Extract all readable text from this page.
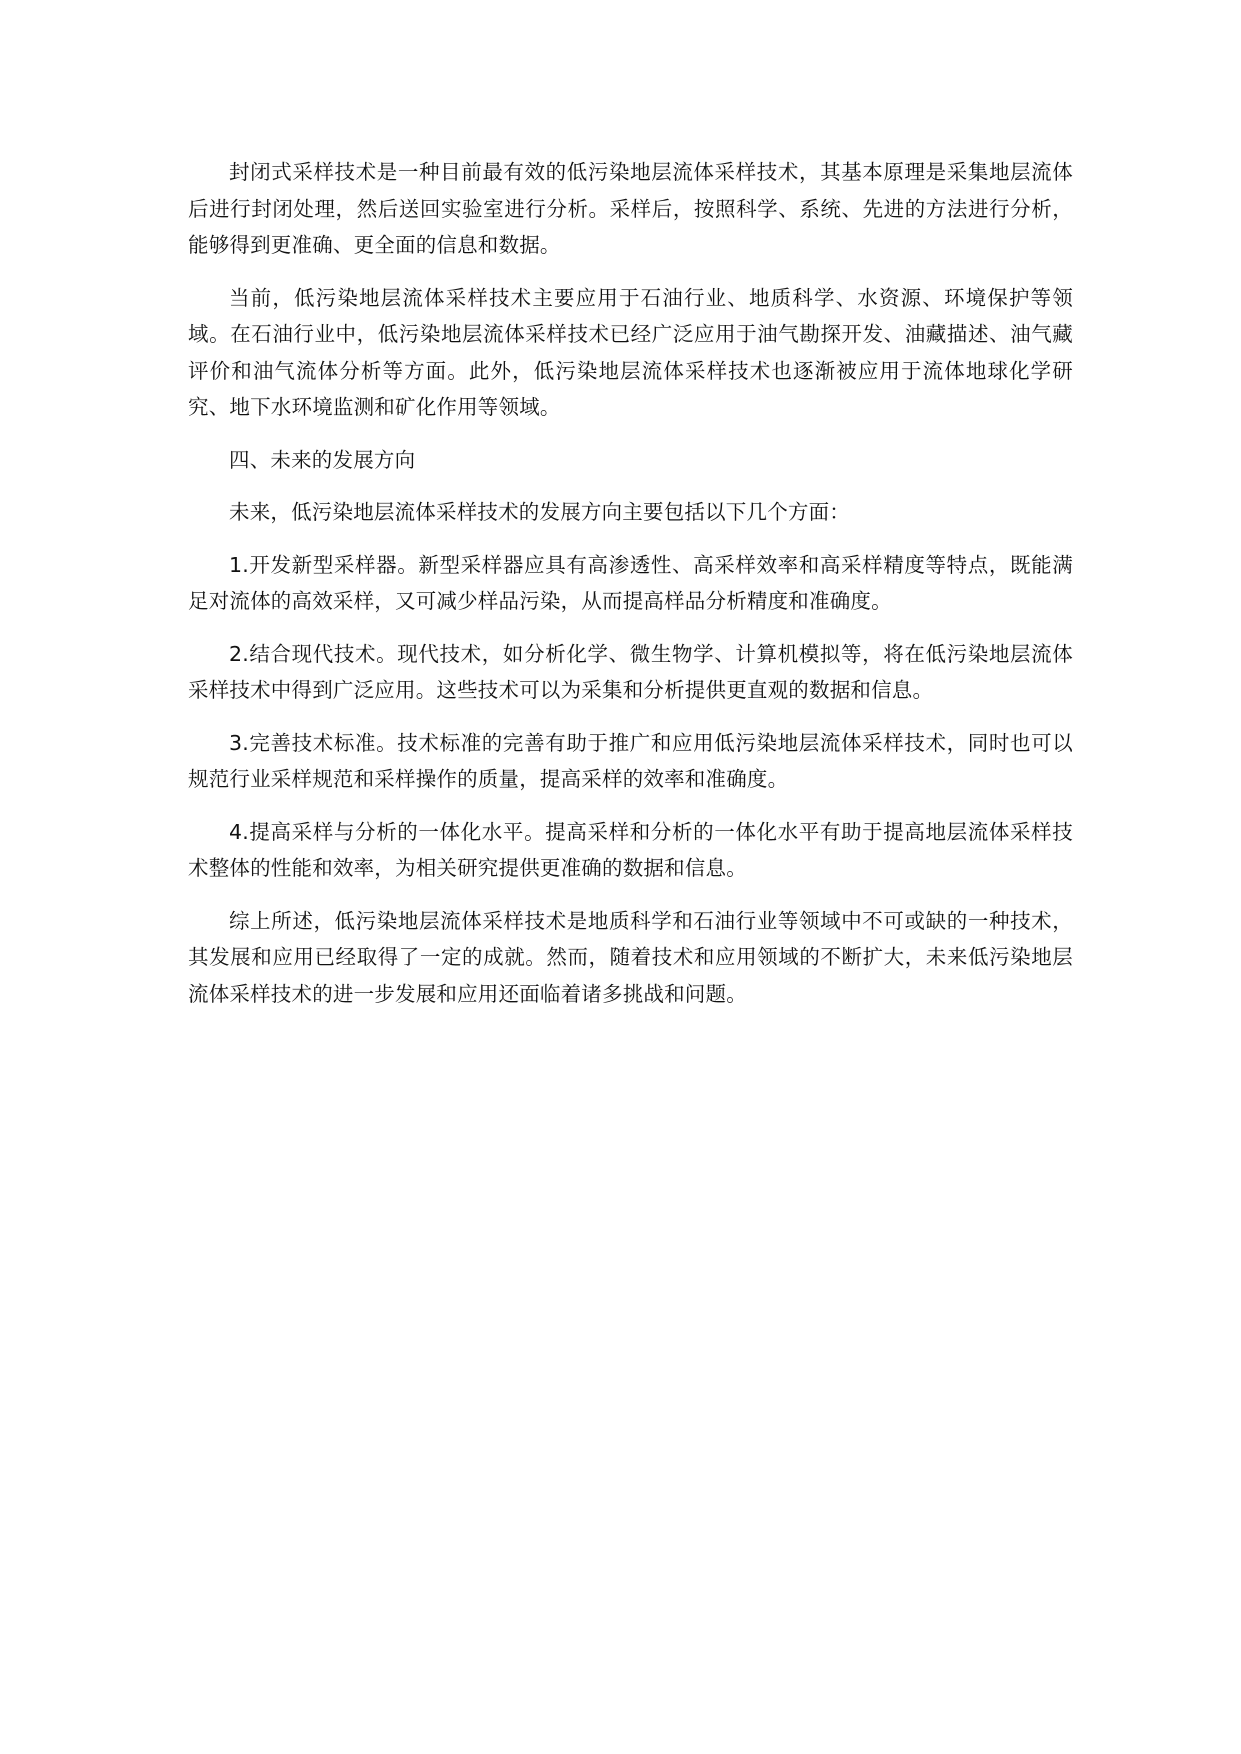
封闭式采样技术是一种目前最有效的低污染地层流体采样技术，其基本原理是采集地层流体后进行封闭处理，然后送回实验室进行分析。采样后，按照科学、系统、先进的方法进行分析，能够得到更准确、更全面的信息和数据。

当前，低污染地层流体采样技术主要应用于石油行业、地质科学、水资源、环境保护等领域。在石油行业中，低污染地层流体采样技术已经广泛应用于油气勘探开发、油藏描述、油气藏评价和油气流体分析等方面。此外，低污染地层流体采样技术也逐渐被应用于流体地球化学研究、地下水环境监测和矿化作用等领域。

四、未来的发展方向

未来，低污染地层流体采样技术的发展方向主要包括以下几个方面：

1.开发新型采样器。新型采样器应具有高渗透性、高采样效率和高采样精度等特点，既能满足对流体的高效采样，又可减少样品污染，从而提高样品分析精度和准确度。

2.结合现代技术。现代技术，如分析化学、微生物学、计算机模拟等，将在低污染地层流体采样技术中得到广泛应用。这些技术可以为采集和分析提供更直观的数据和信息。

3.完善技术标准。技术标准的完善有助于推广和应用低污染地层流体采样技术，同时也可以规范行业采样规范和采样操作的质量，提高采样的效率和准确度。

4.提高采样与分析的一体化水平。提高采样和分析的一体化水平有助于提高地层流体采样技术整体的性能和效率，为相关研究提供更准确的数据和信息。

综上所述，低污染地层流体采样技术是地质科学和石油行业等领域中不可或缺的一种技术，其发展和应用已经取得了一定的成就。然而，随着技术和应用领域的不断扩大，未来低污染地层流体采样技术的进一步发展和应用还面临着诸多挑战和问题。
